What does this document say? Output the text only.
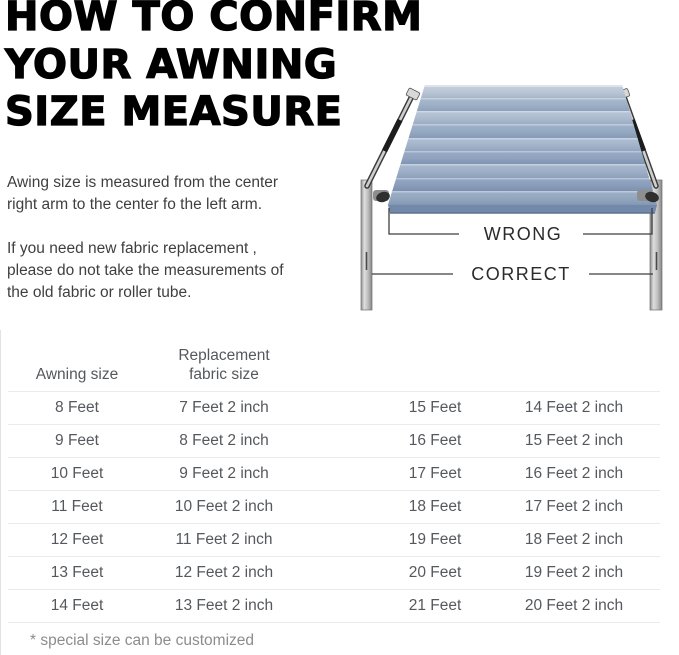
HOW TO CONFIRM
YOUR AWNING
SIZE MEASURE

Awing size is measured from the center
right arm to the center fo the left arm.

If you need new fabric replacement ,
please do not take the measurements of
the old fabric or roller tube.

WRONG
CORRECT
Awning size
Replacement
fabric size
8 Feet	7 Feet 2 inch	15 Feet	14 Feet 2 inch
9 Feet	8 Feet 2 inch	16 Feet	15 Feet 2 inch
10 Feet	9 Feet 2 inch	17 Feet	16 Feet 2 inch
11 Feet	10 Feet 2 inch	18 Feet	17 Feet 2 inch
12 Feet	11 Feet 2 inch	19 Feet	18 Feet 2 inch
13 Feet	12 Feet 2 inch	20 Feet	19 Feet 2 inch
14 Feet	13 Feet 2 inch	21 Feet	20 Feet 2 inch
* special size can be customized
